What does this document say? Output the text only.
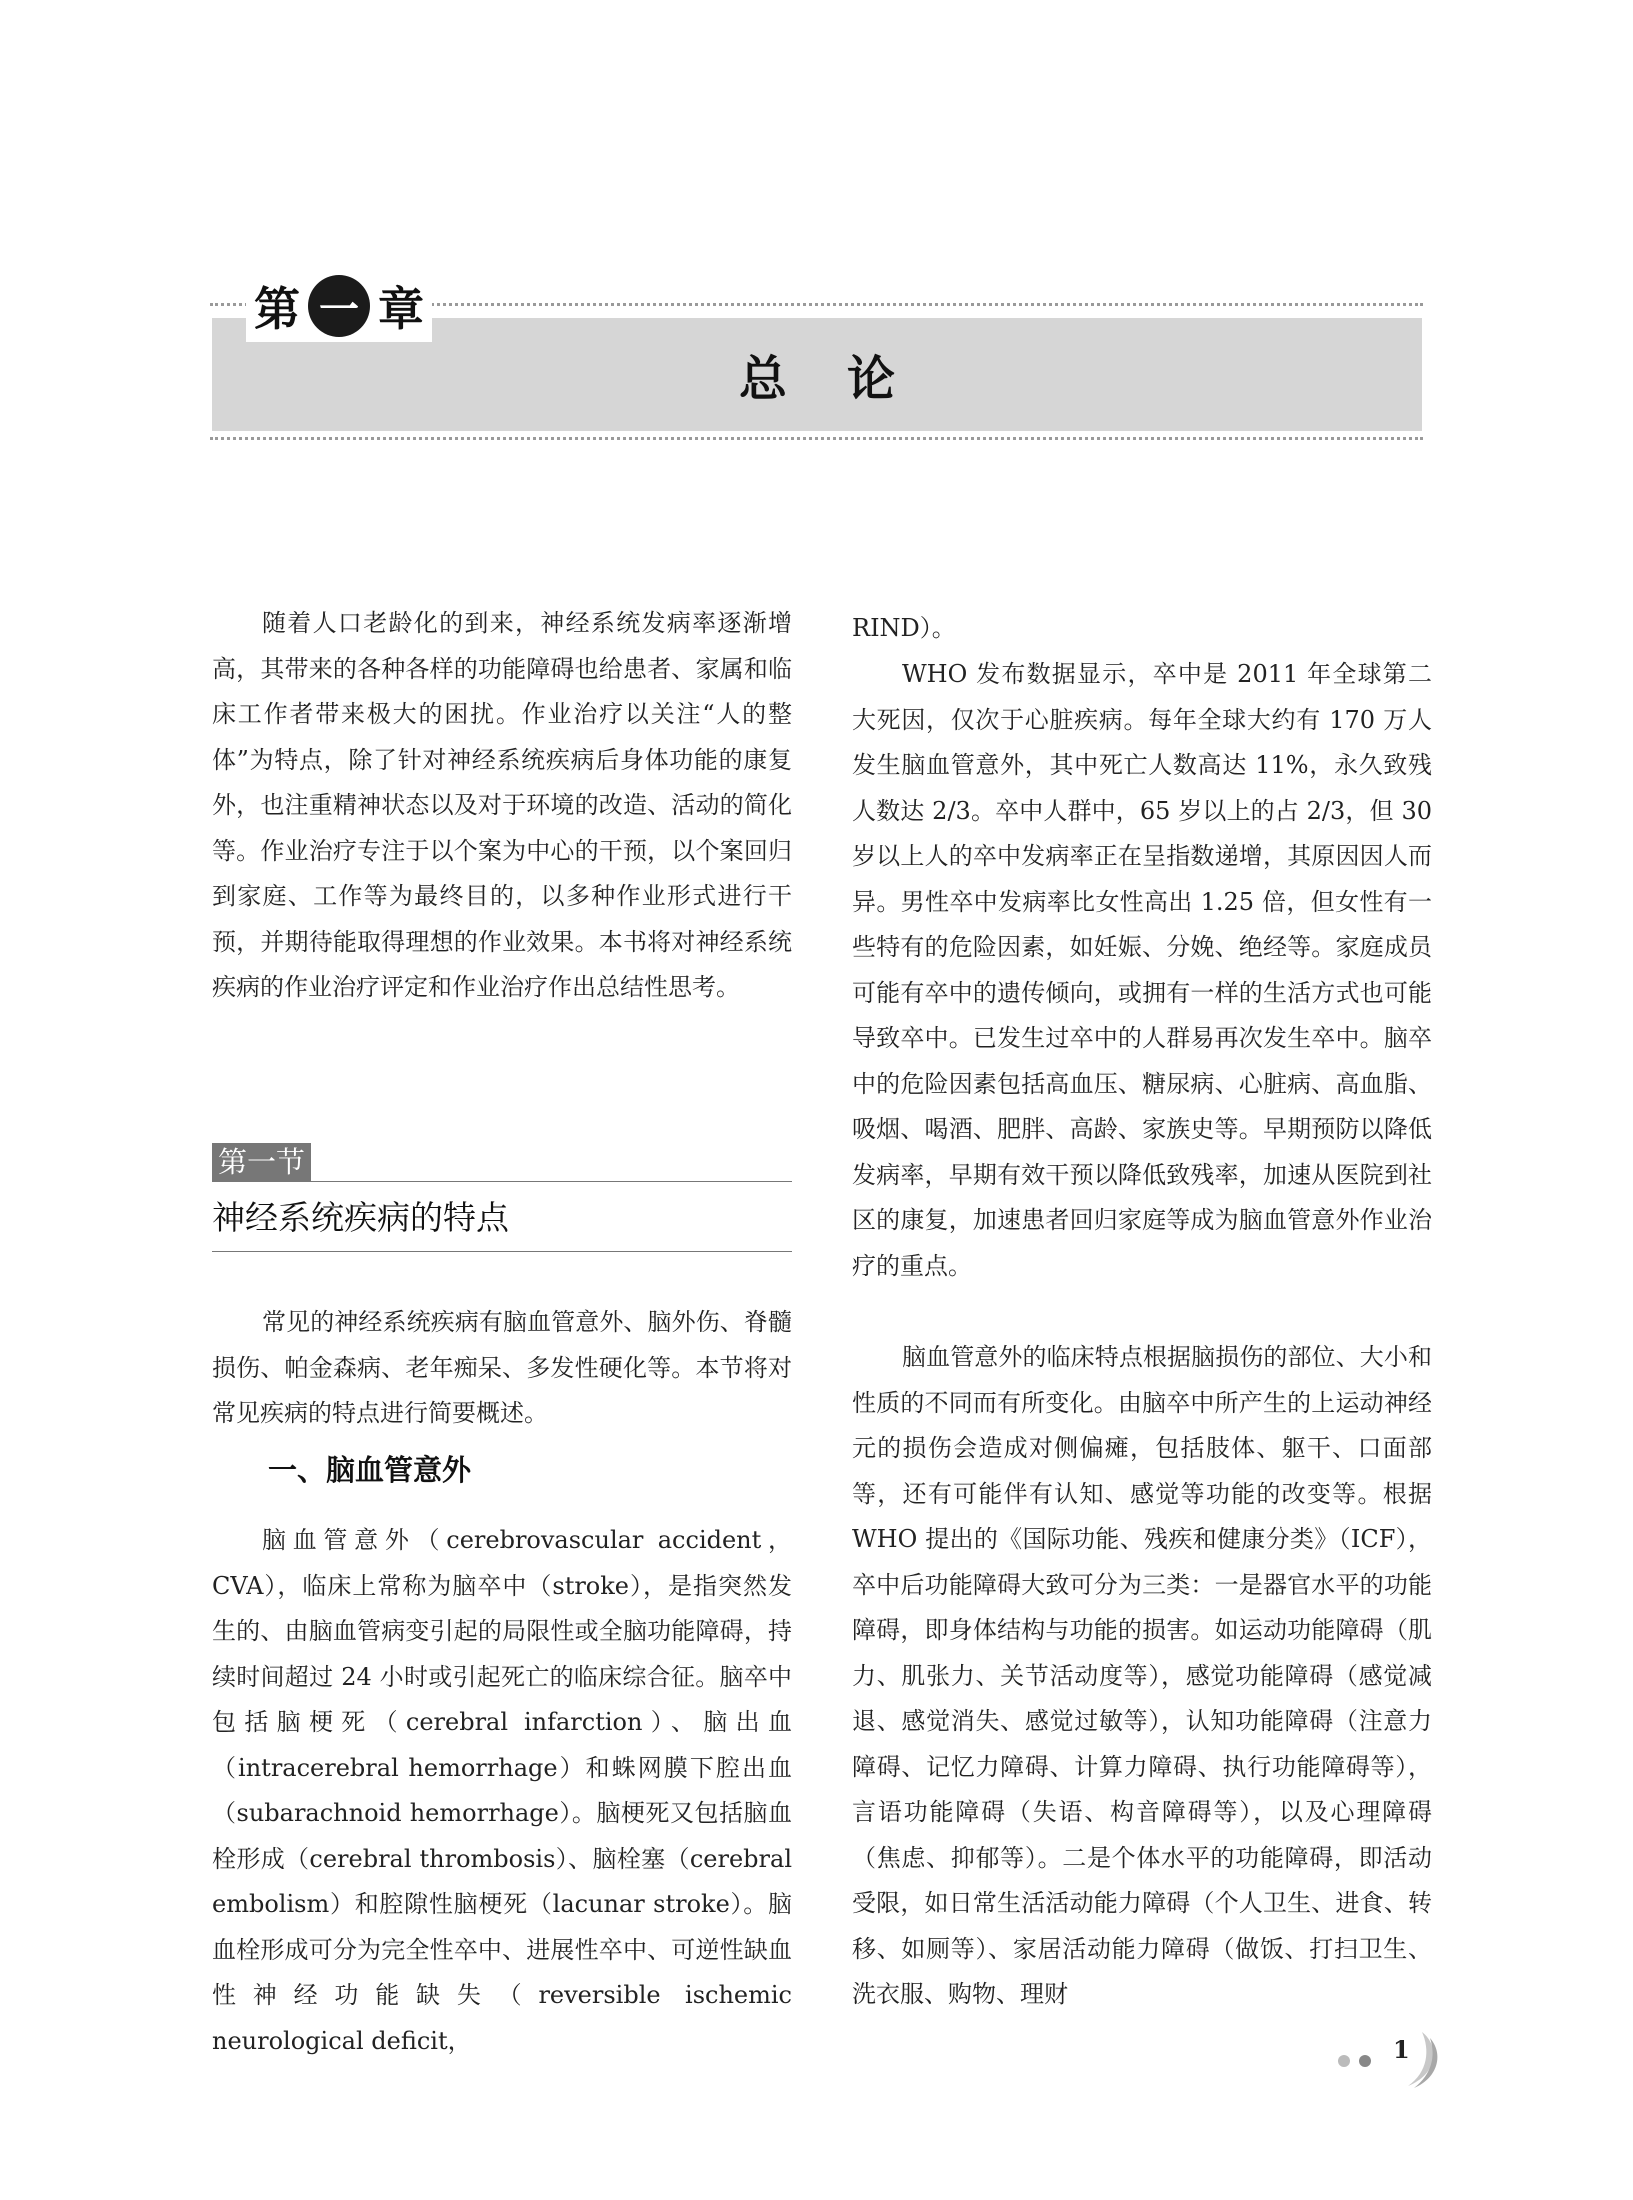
第 一 章
总论

随着人口老龄化的到来，神经系统发病率逐渐增高，其带来的各种各样的功能障碍也给患者、家属和临床工作者带来极大的困扰。作业治疗以关注“人的整体”为特点，除了针对神经系统疾病后身体功能的康复外，也注重精神状态以及对于环境的改造、活动的简化等。作业治疗专注于以个案为中心的干预，以个案回归到家庭、工作等为最终目的，以多种作业形式进行干预，并期待能取得理想的作业效果。本书将对神经系统疾病的作业治疗评定和作业治疗作出总结性思考。

第一节
神经系统疾病的特点

常见的神经系统疾病有脑血管意外、脑外伤、脊髓损伤、帕金森病、老年痴呆、多发性硬化等。本节将对常见疾病的特点进行简要概述。

一、脑血管意外

脑血管意外（cerebrovascular accident，CVA），临床上常称为脑卒中（stroke），是指突然发生的、由脑血管病变引起的局限性或全脑功能障碍，持续时间超过 24 小时或引起死亡的临床综合征。脑卒中包括脑梗死（cerebral infarction）、脑出血（intracerebral hemorrhage）和蛛网膜下腔出血（subarachnoid hemorrhage）。脑梗死又包括脑血栓形成（cerebral thrombosis）、脑栓塞（cerebral embolism）和腔隙性脑梗死（lacunar stroke）。脑血栓形成可分为完全性卒中、进展性卒中、可逆性缺血性神经功能缺失（reversible ischemic neurological deficit，

RIND）。

WHO 发布数据显示，卒中是 2011 年全球第二大死因，仅次于心脏疾病。每年全球大约有 170 万人发生脑血管意外，其中死亡人数高达 11%，永久致残人数达 2/3。卒中人群中，65 岁以上的占 2/3，但 30 岁以上人的卒中发病率正在呈指数递增，其原因因人而异。男性卒中发病率比女性高出 1.25 倍，但女性有一些特有的危险因素，如妊娠、分娩、绝经等。家庭成员可能有卒中的遗传倾向，或拥有一样的生活方式也可能导致卒中。已发生过卒中的人群易再次发生卒中。脑卒中的危险因素包括高血压、糖尿病、心脏病、高血脂、吸烟、喝酒、肥胖、高龄、家族史等。早期预防以降低发病率，早期有效干预以降低致残率，加速从医院到社区的康复，加速患者回归家庭等成为脑血管意外作业治疗的重点。

脑血管意外的临床特点根据脑损伤的部位、大小和性质的不同而有所变化。由脑卒中所产生的上运动神经元的损伤会造成对侧偏瘫，包括肢体、躯干、口面部等，还有可能伴有认知、感觉等功能的改变等。根据 WHO 提出的《国际功能、残疾和健康分类》（ICF），卒中后功能障碍大致可分为三类：一是器官水平的功能障碍，即身体结构与功能的损害。如运动功能障碍（肌力、肌张力、关节活动度等），感觉功能障碍（感觉减退、感觉消失、感觉过敏等），认知功能障碍（注意力障碍、记忆力障碍、计算力障碍、执行功能障碍等），言语功能障碍（失语、构音障碍等），以及心理障碍（焦虑、抑郁等）。二是个体水平的功能障碍，即活动受限，如日常生活活动能力障碍（个人卫生、进食、转移、如厕等）、家居活动能力障碍（做饭、打扫卫生、洗衣服、购物、理财

1
